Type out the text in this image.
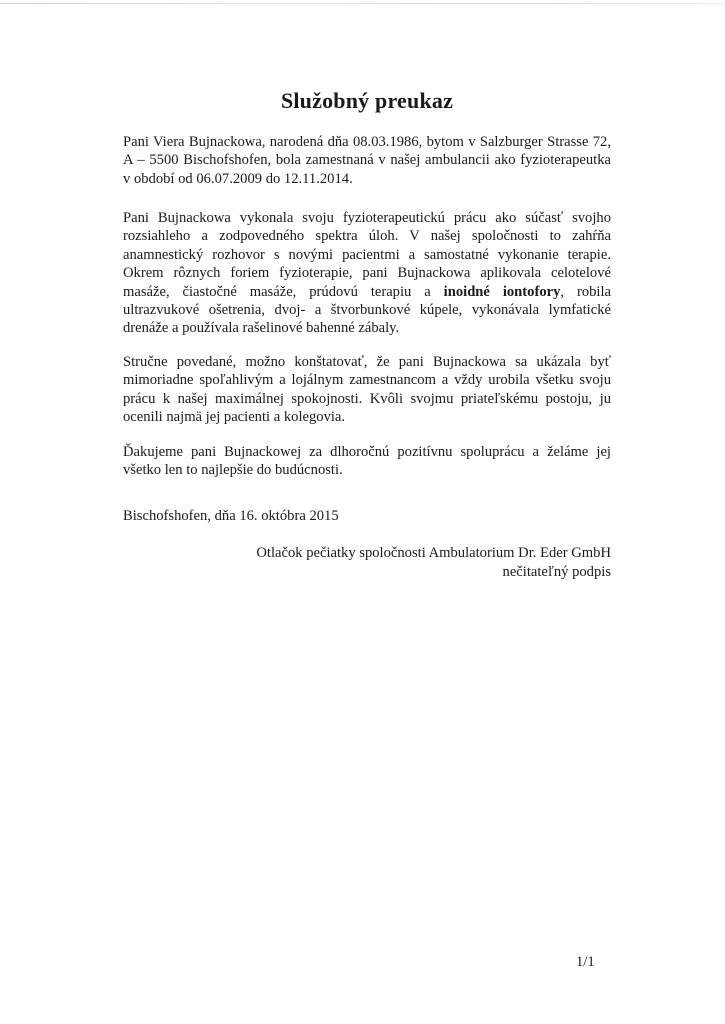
Služobný preukaz
Pani Viera Bujnackowa, narodená dňa 08.03.1986, bytom v Salzburger Strasse 72, A – 5500 Bischofshofen, bola zamestnaná v našej ambulancii ako fyzioterapeutka v období od 06.07.2009 do 12.11.2014.
Pani Bujnackowa vykonala svoju fyzioterapeutickú prácu ako súčasť svojho rozsiahleho a zodpovedného spektra úloh. V našej spoločnosti to zahŕňa anamnestický rozhovor s novými pacientmi a samostatné vykonanie terapie. Okrem rôznych foriem fyzioterapie, pani Bujnackowa aplikovala celotelové masáže, čiastočné masáže, prúdovú terapiu a inoidné iontofory, robila ultrazvukové ošetrenia, dvoj- a štvorbunkové kúpele, vykonávala lymfatické drenáže a používala rašelinové bahenné zábaly.
Stručne povedané, možno konštatovať, že pani Bujnackowa sa ukázala byť mimoriadne spoľahlivým a lojálnym zamestnancom a vždy urobila všetku svoju prácu k našej maximálnej spokojnosti. Kvôli svojmu priateľskému postoju, ju ocenili najmä jej pacienti a kolegovia.
Ďakujeme pani Bujnackowej za dlhoročnú pozitívnu spoluprácu a želáme jej všetko len to najlepšie do budúcnosti.
Bischofshofen, dňa 16. októbra 2015
Otlačok pečiatky spoločnosti Ambulatorium Dr. Eder GmbH
nečitateľný podpis
1/1
